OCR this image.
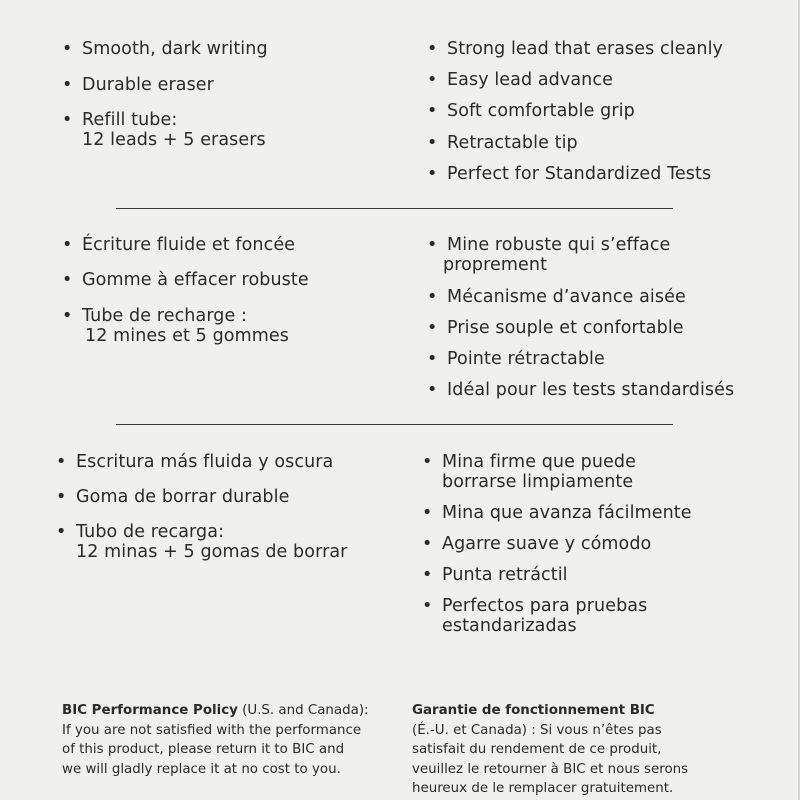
• Smooth, dark writing
• Durable eraser
• Refill tube:
12 leads + 5 erasers
• Strong lead that erases cleanly
• Easy lead advance
• Soft comfortable grip
• Retractable tip
• Perfect for Standardized Tests
• Écriture fluide et foncée
• Gomme à effacer robuste
• Tube de recharge :
12 mines et 5 gommes
• Mine robuste qui s’efface
proprement
• Mécanisme d’avance aisée
• Prise souple et confortable
• Pointe rétractable
• Idéal pour les tests standardisés
• Escritura más fluida y oscura
• Goma de borrar durable
• Tubo de recarga:
12 minas + 5 gomas de borrar
• Mina firme que puede
borrarse limpiamente
• Mina que avanza fácilmente
• Agarre suave y cómodo
• Punta retráctil
• Perfectos para pruebas
estandarizadas
BIC Performance Policy (U.S. and Canada):
If you are not satisfied with the performance
of this product, please return it to BIC and
we will gladly replace it at no cost to you.
Garantie de fonctionnement BIC
(É.-U. et Canada) : Si vous n’êtes pas
satisfait du rendement de ce produit,
veuillez le retourner à BIC et nous serons
heureux de le remplacer gratuitement.
